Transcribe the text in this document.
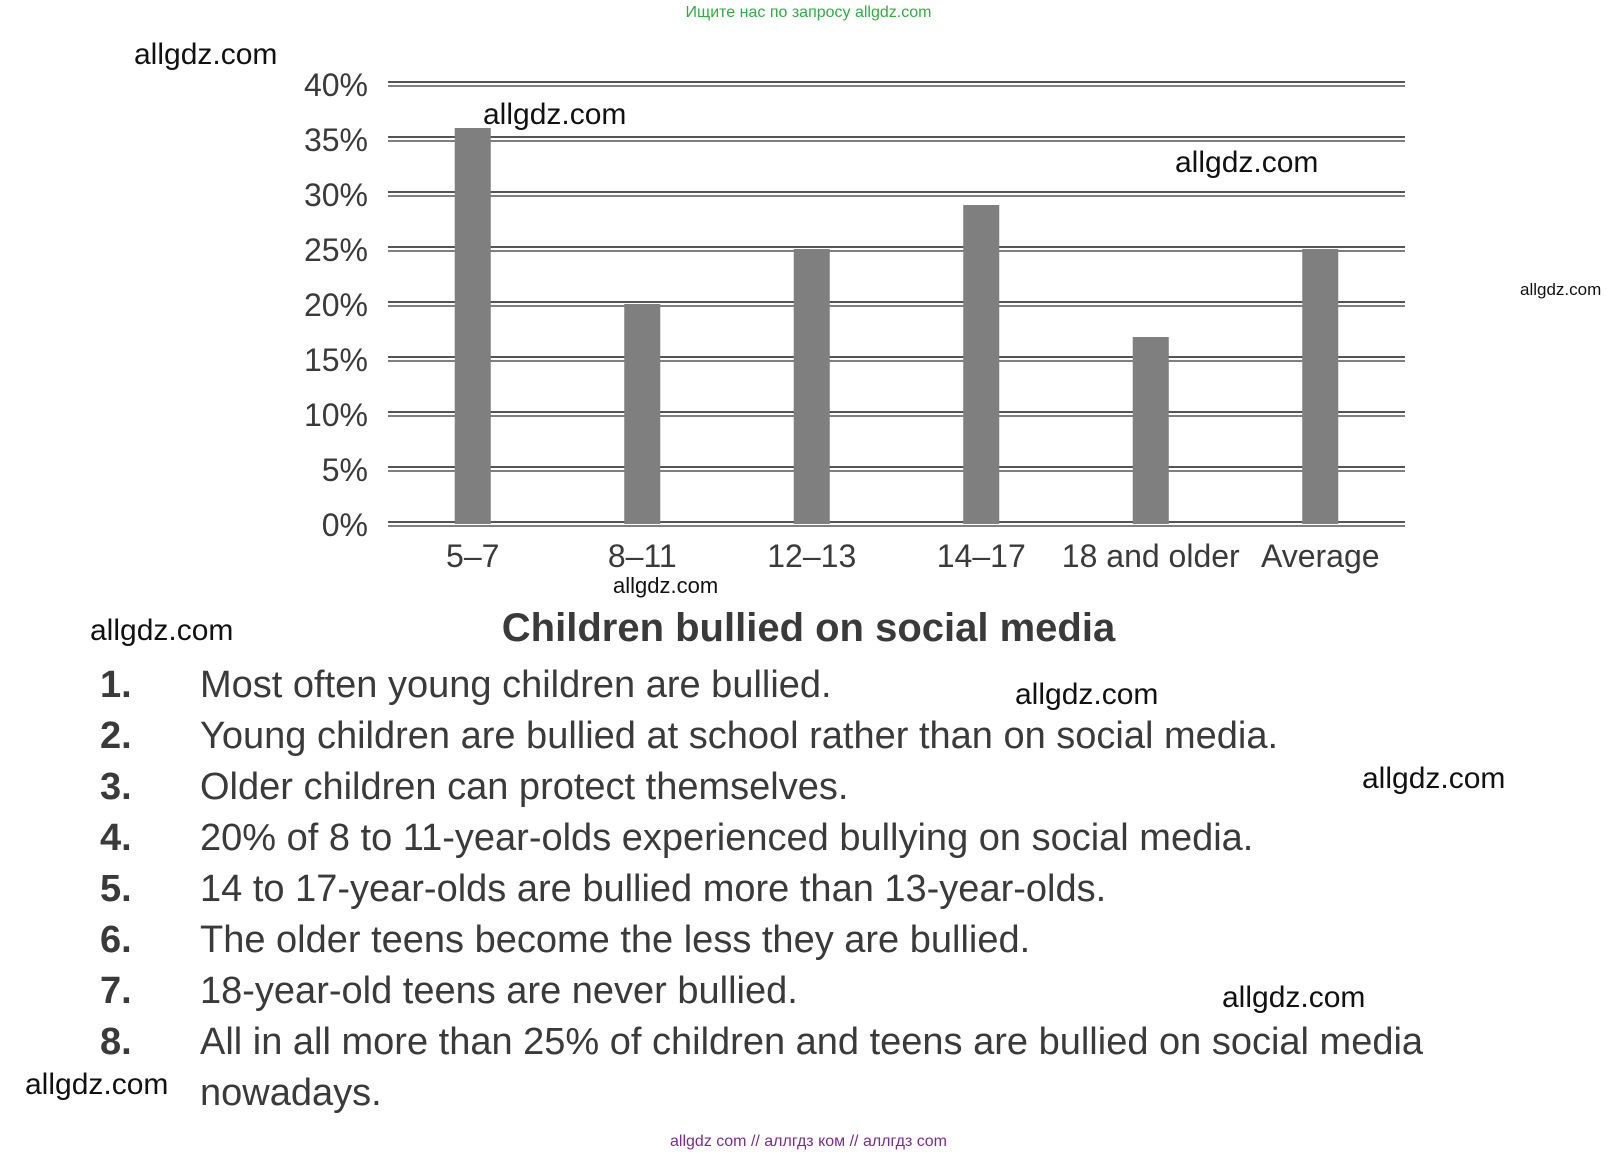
Ищите нас по запросу allgdz.com
0%
5%
10%
15%
20%
25%
30%
35%
40%
5–7	8–11	12–13	14–17 18 and older Average
Children bullied on social media
1.	Most often young children are bullied.
2.	Young children are bullied at school rather than on social media.
3.	Older children can protect themselves.
4.	20% of 8 to 11-year-olds experienced bullying on social media.
5.	14 to 17-year-olds are bullied more than 13-year-olds.
6.	The older teens become the less they are bullied.
7.	18-year-old teens are never bullied.
8.	All in all more than 25% of children and teens are bullied on social media nowadays.
allgdz.com
allgdz.com
allgdz.com
allgdz.com
allgdz.com
allgdz.com
allgdz.com
allgdz.com
allgdz.com
allgdz.com
allgdz com // аллгдз ком // аллгдз com
